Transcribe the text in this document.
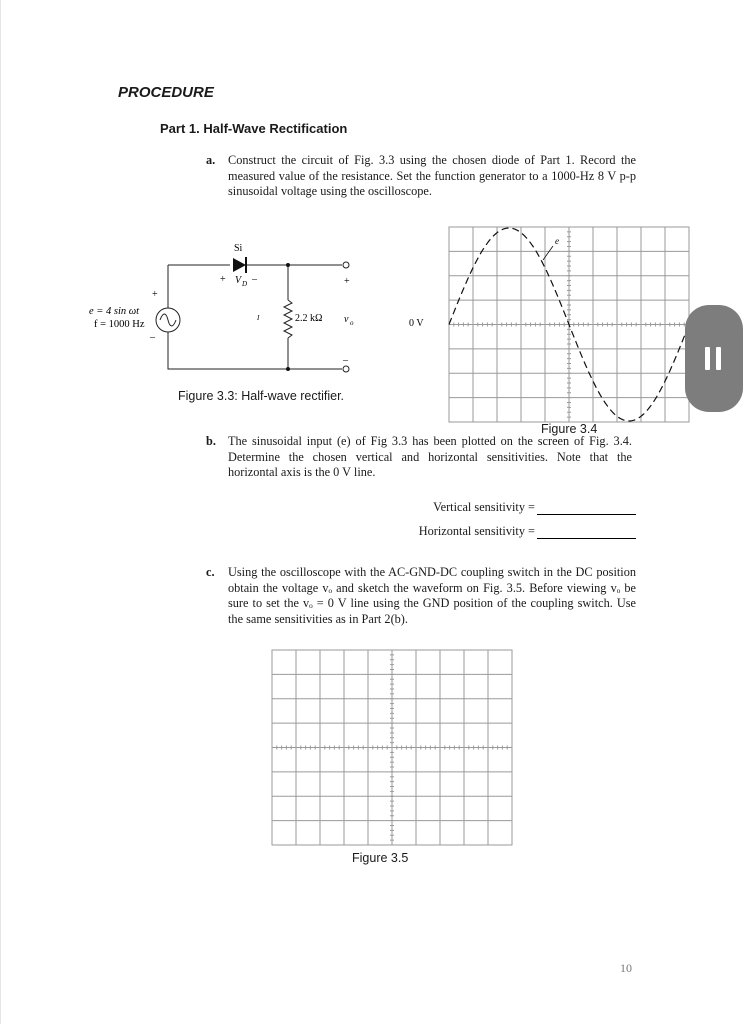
PROCEDURE
Part 1. Half-Wave Rectification
a. Construct the circuit of Fig. 3.3 using the chosen diode of Part 1. Record the measured value of the resistance. Set the function generator to a 1000-Hz 8 V p-p sinusoidal voltage using the oscilloscope.
Si
+ V D –
+
–
e = 4 sin ωt
f = 1000 Hz
I	2.2 kΩ
+
–
v o
Figure 3.3: Half-wave rectifier.
0 V
e
Figure 3.4
b. The sinusoidal input (e) of Fig 3.3 has been plotted on the screen of Fig. 3.4. Determine the chosen vertical and horizontal sensitivities. Note that the horizontal axis is the 0 V line.
Vertical sensitivity =
Horizontal sensitivity =
c. Using the oscilloscope with the AC-GND-DC coupling switch in the DC position obtain the voltage vₒ and sketch the waveform on Fig. 3.5. Before viewing vₒ be sure to set the vₒ = 0 V line using the GND position of the coupling switch. Use the same sensitivities as in Part 2(b).
Figure 3.5
10
